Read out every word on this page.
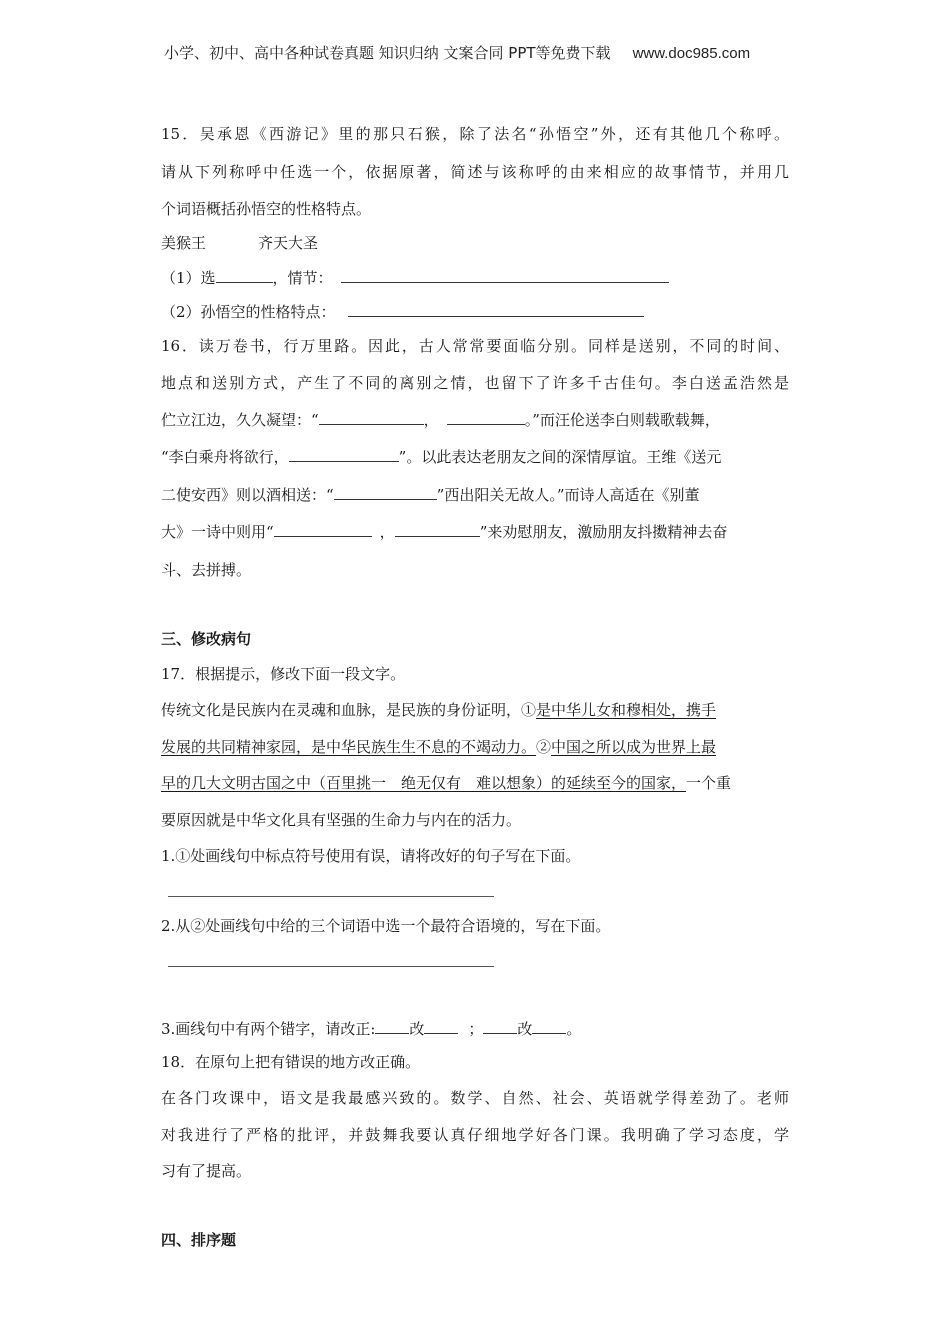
小学、初中、高中各种试卷真题 知识归纳 文案合同 PPT等免费下载 www.doc985.com
15．吴承恩《西游记》里的那只石猴，除了法名“孙悟空”外，还有其他几个称呼。
请从下列称呼中任选一个，依据原著，简述与该称呼的由来相应的故事情节，并用几
个词语概括孙悟空的性格特点。
美猴王	齐天大圣
（1）选	，情节：
（2）孙悟空的性格特点：
16．读万卷书，行万里路。因此，古人常常要面临分别。同样是送别，不同的时间、
地点和送别方式，产生了不同的离别之情，也留下了许多千古佳句。李白送孟浩然是
伫立江边，久久凝望：“	，	。”而汪伦送李白则载歌载舞，
“李白乘舟将欲行，	”。以此表达老朋友之间的深情厚谊。王维《送元
二使安西》则以酒相送：“	”西出阳关无故人。”而诗人高适在《别董
大》一诗中则用“	，	”来劝慰朋友，激励朋友抖擞精神去奋
斗、去拼搏。
三、修改病句
17．根据提示，修改下面一段文字。
传统文化是民族内在灵魂和血脉，是民族的身份证明，①是中华儿女和穆相处，携手
发展的共同精神家园，是中华民族生生不息的不竭动力。②中国之所以成为世界上最
早的几大文明古国之中（百里挑一　绝无仅有　难以想象）的延续至今的国家，一个重
要原因就是中华文化具有坚强的生命力与内在的活力。
1.①处画线句中标点符号使用有误，请将改好的句子写在下面。
2.从②处画线句中给的三个词语中选一个最符合语境的，写在下面。
3.画线句中有两个错字，请改正: 改	； 改 。
18．在原句上把有错误的地方改正确。
在各门攻课中，语文是我最感兴致的。数学、自然、社会、英语就学得差劲了。老师
对我进行了严格的批评，并鼓舞我要认真仔细地学好各门课。我明确了学习态度，学
习有了提高。
四、排序题
